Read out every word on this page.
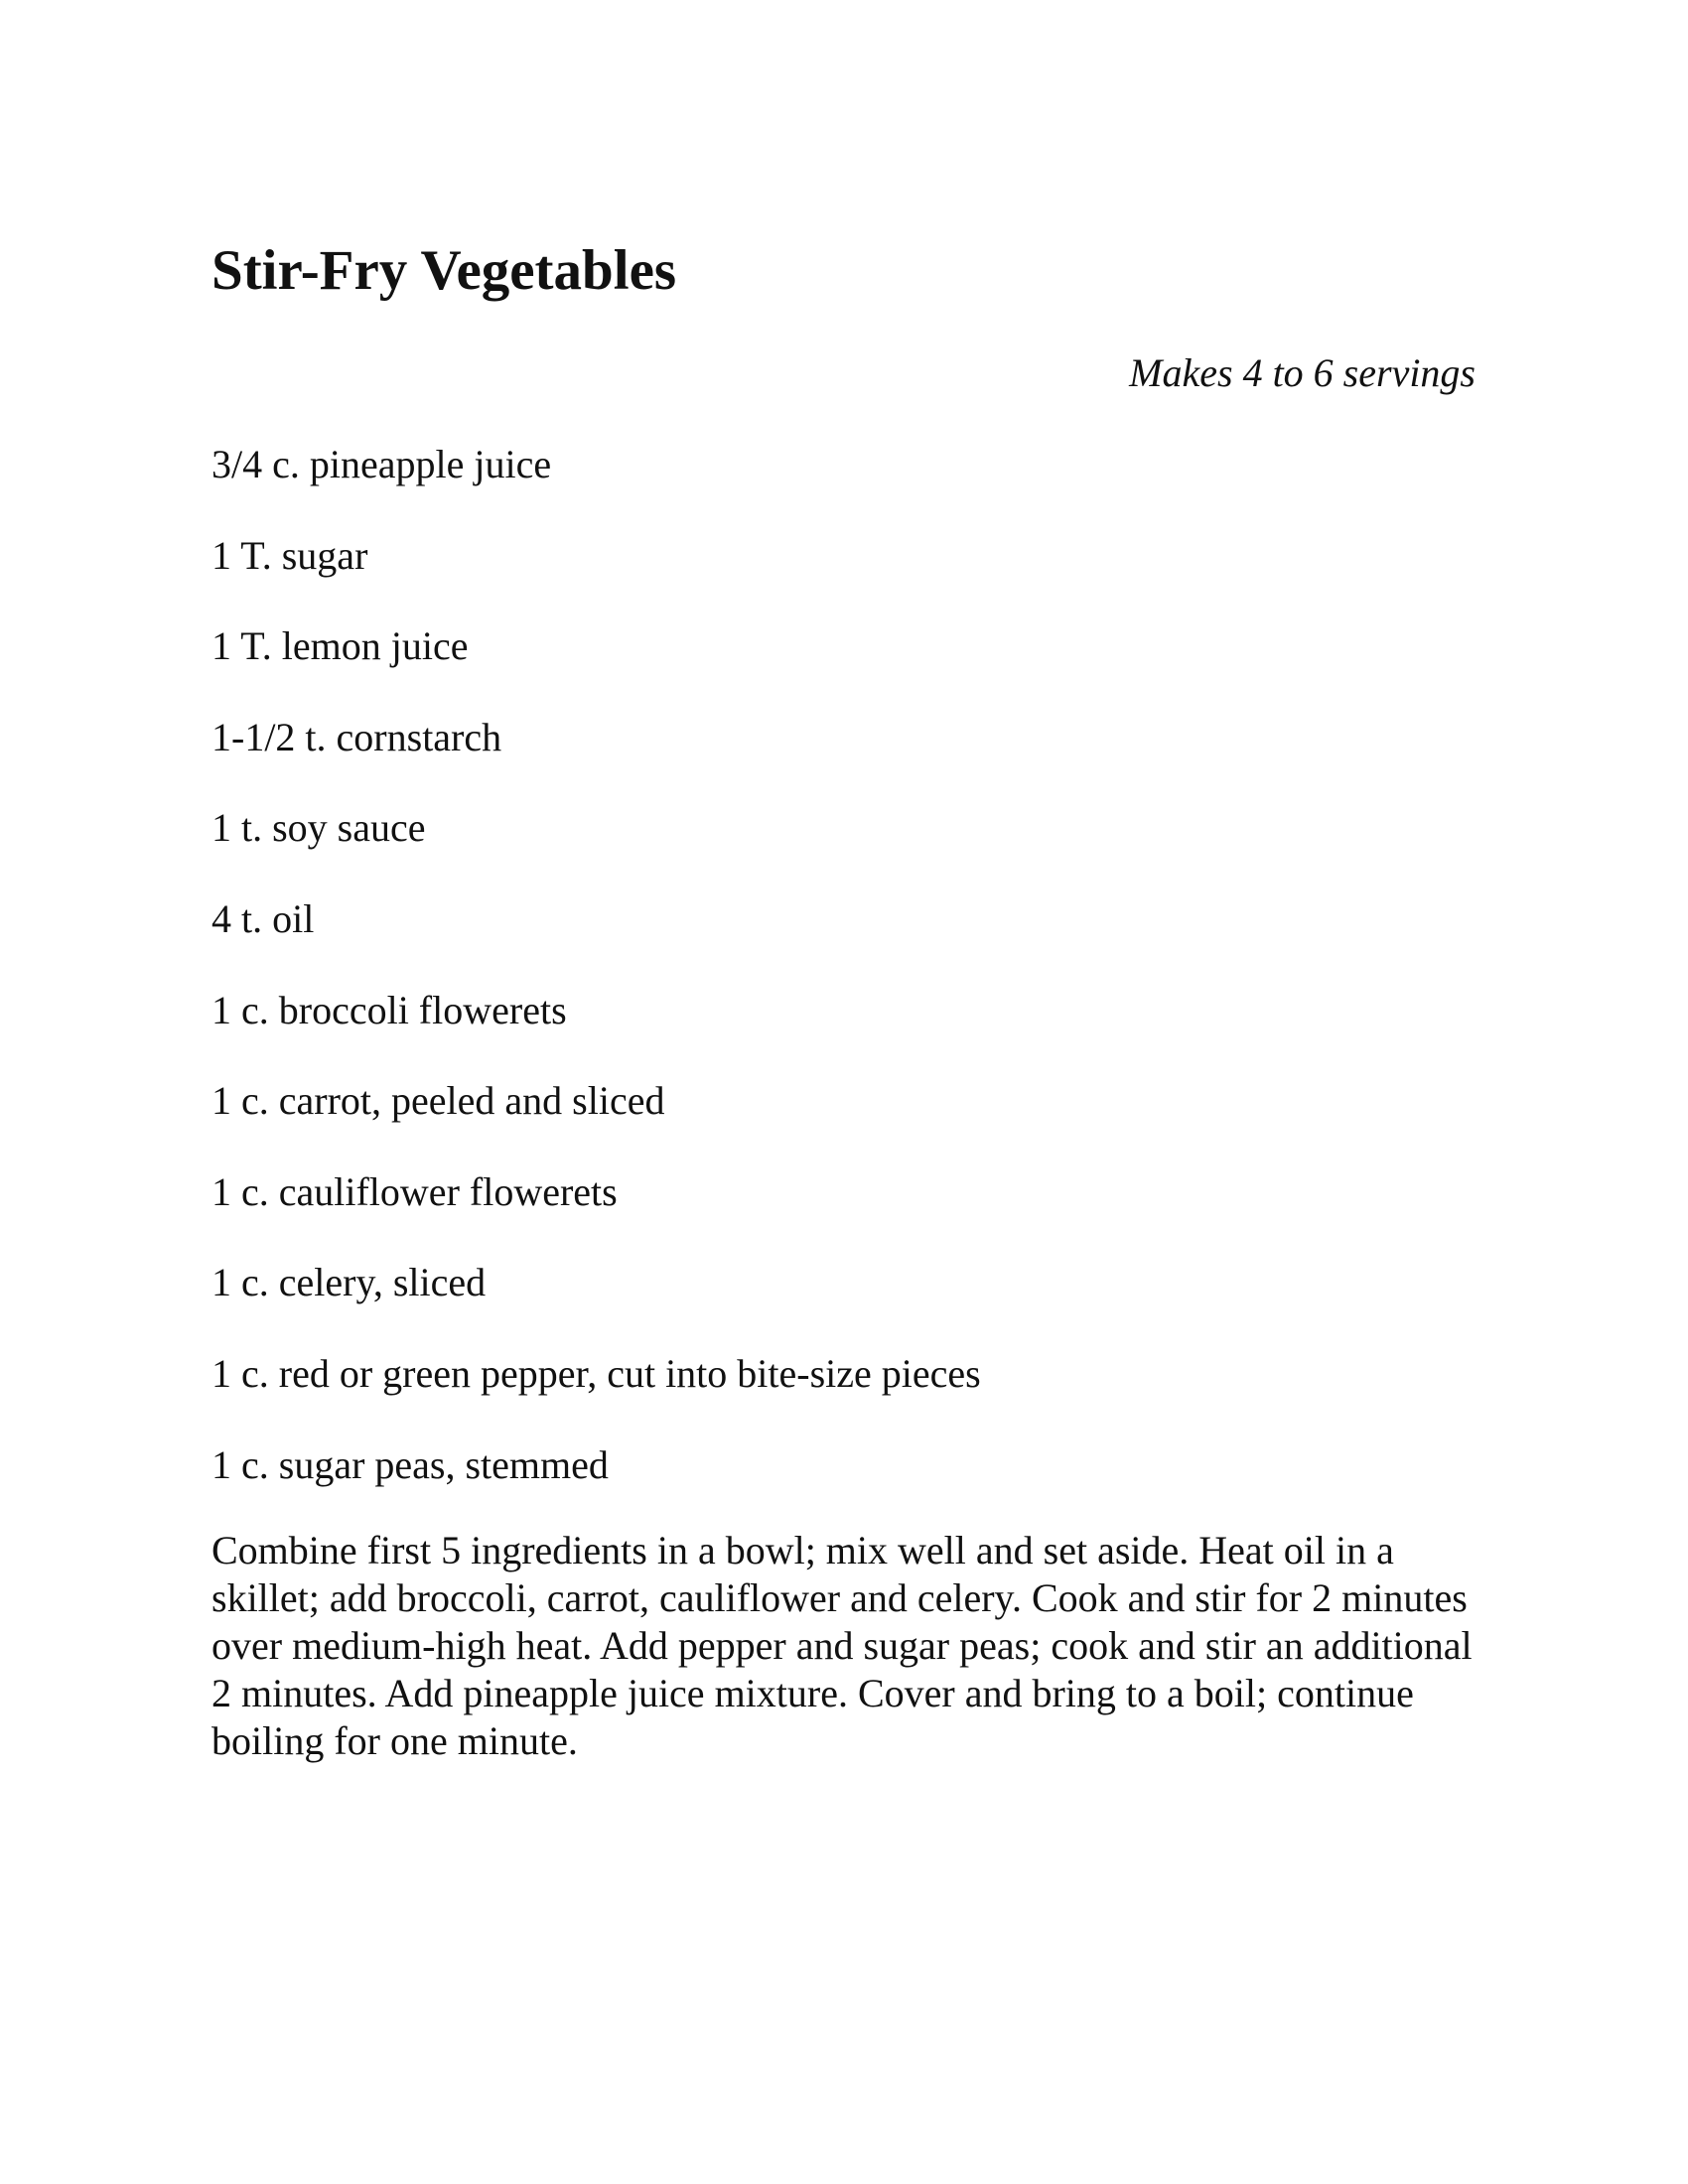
Stir-Fry Vegetables

Makes 4 to 6 servings

3/4 c. pineapple juice
1 T. sugar
1 T. lemon juice
1-1/2 t. cornstarch
1 t. soy sauce
4 t. oil
1 c. broccoli flowerets
1 c. carrot, peeled and sliced
1 c. cauliflower flowerets
1 c. celery, sliced
1 c. red or green pepper, cut into bite-size pieces
1 c. sugar peas, stemmed

Combine first 5 ingredients in a bowl; mix well and set aside. Heat oil in a skillet; add broccoli, carrot, cauliflower and celery. Cook and stir for 2 minutes over medium-high heat. Add pepper and sugar peas; cook and stir an additional 2 minutes. Add pineapple juice mixture. Cover and bring to a boil; continue boiling for one minute.
